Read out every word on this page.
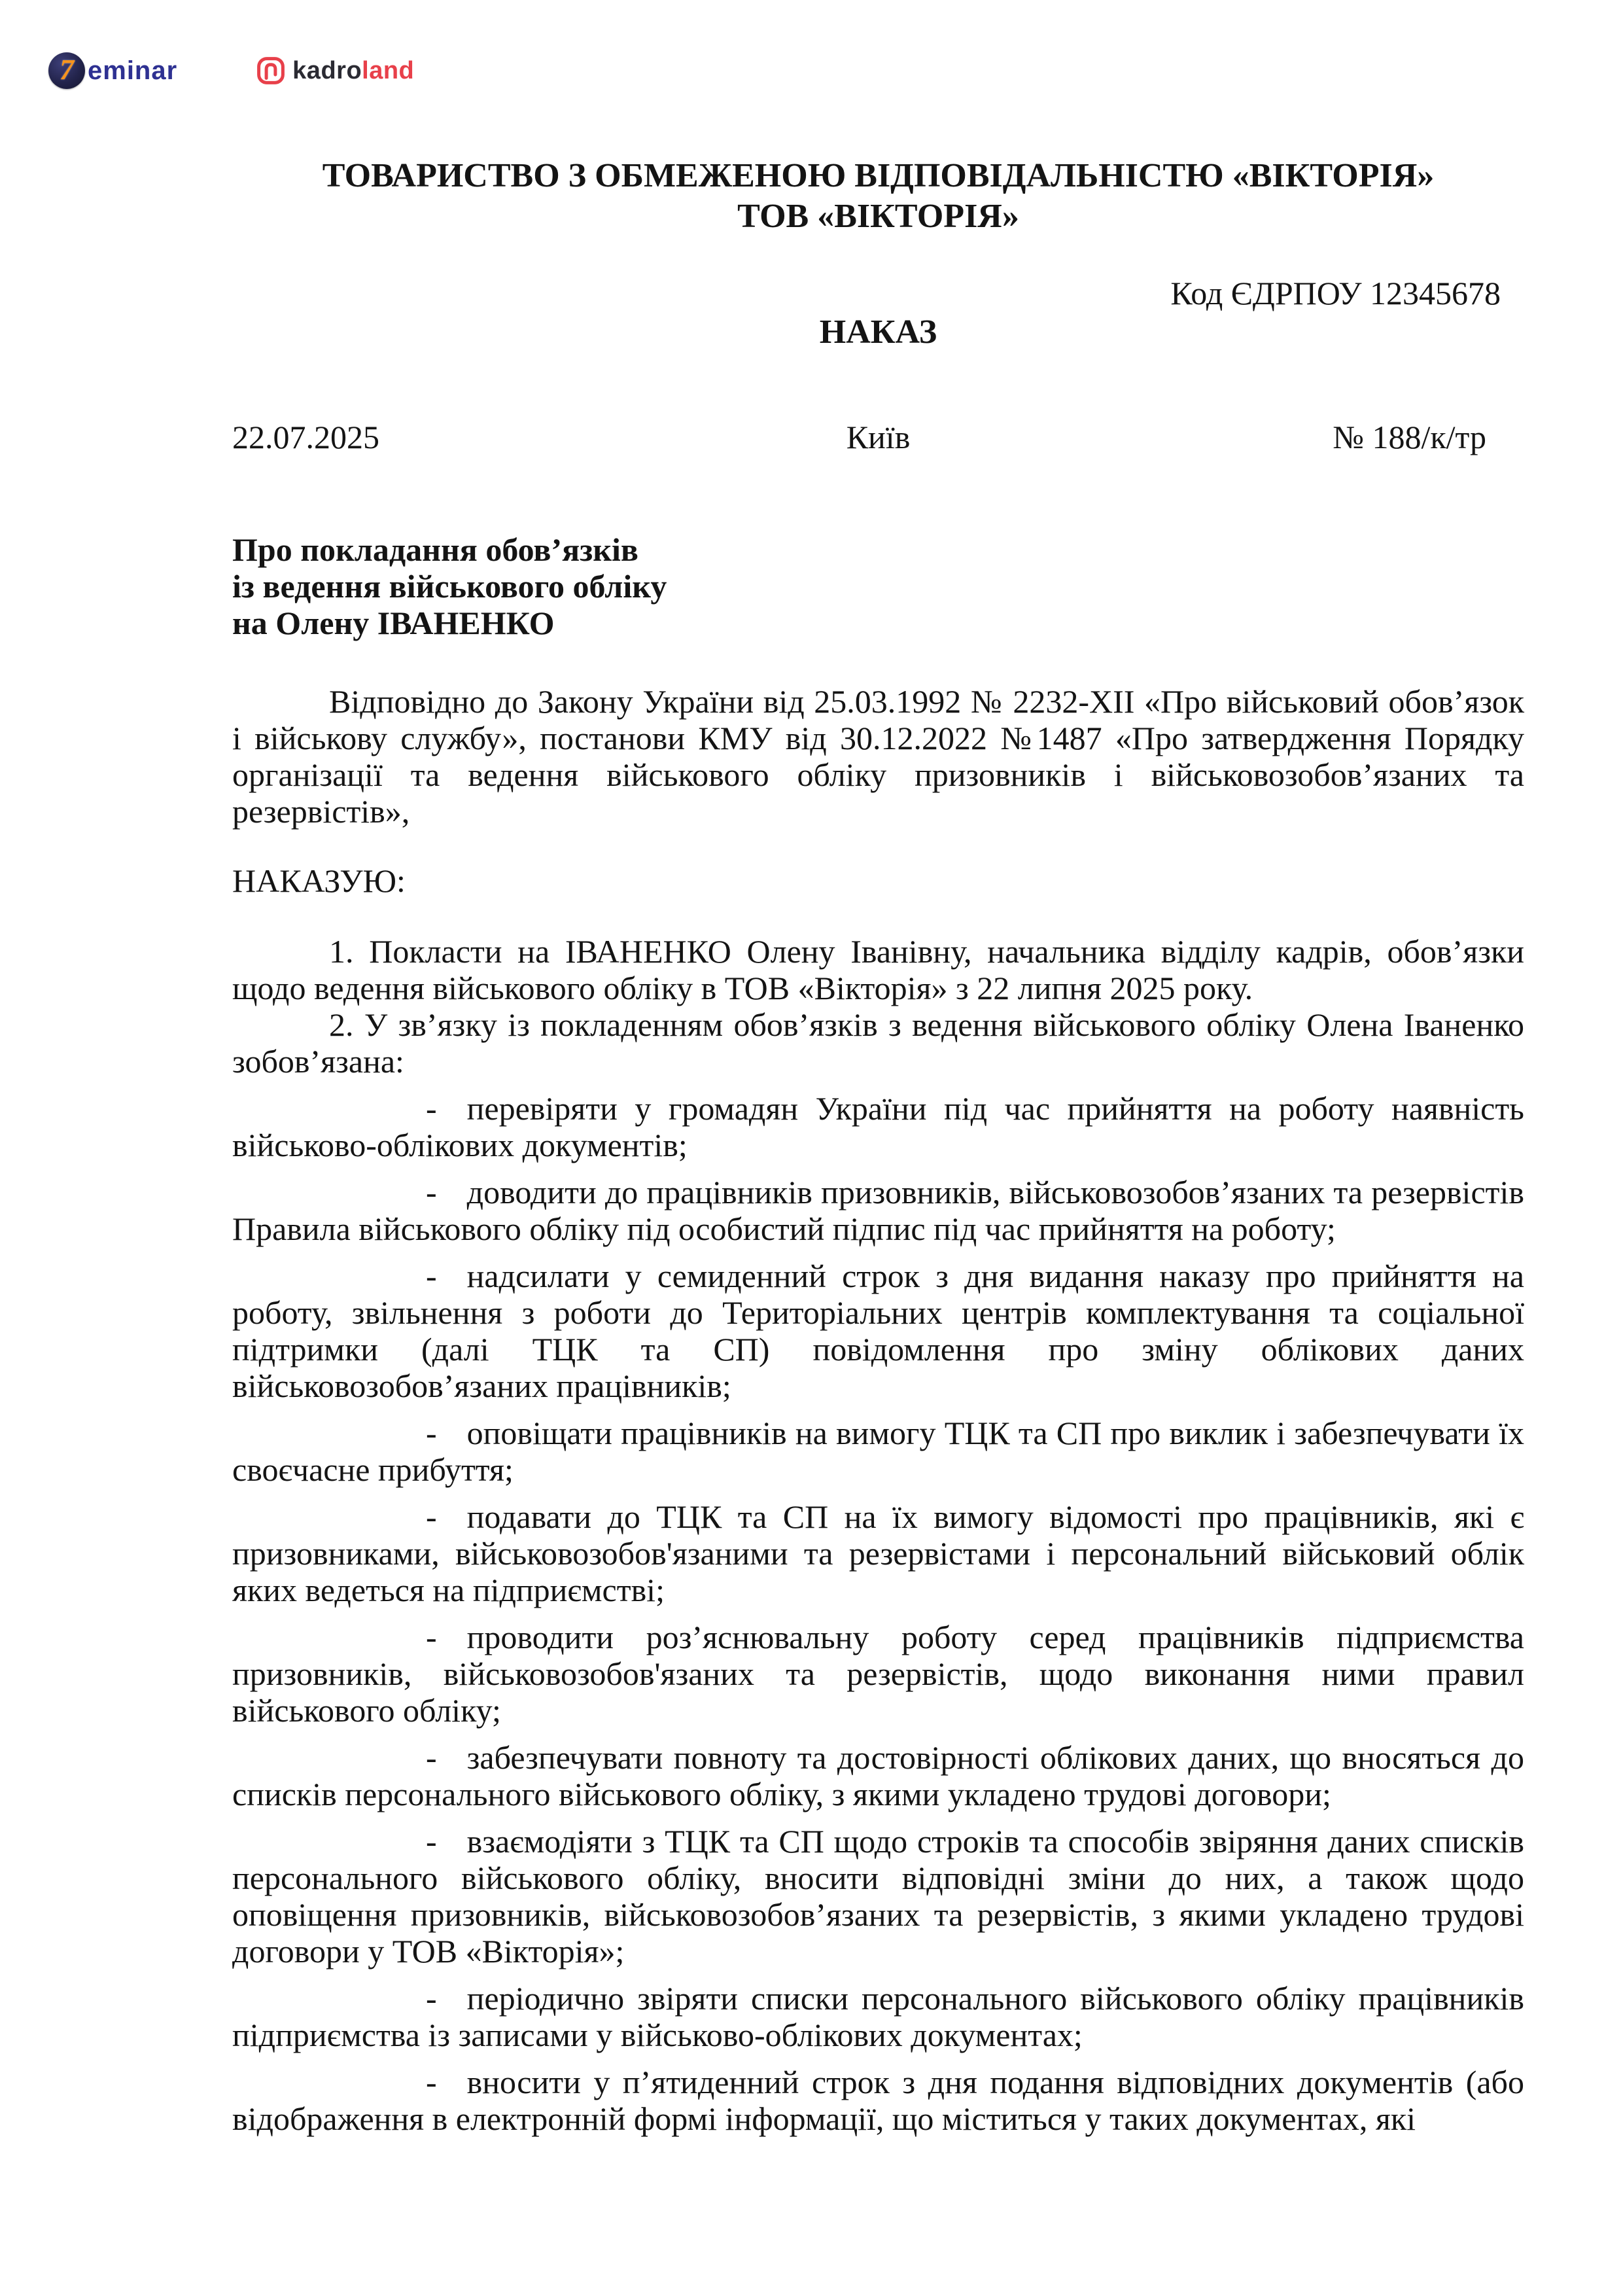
7 eminar	kadroland
ТОВАРИСТВО З ОБМЕЖЕНОЮ ВІДПОВІДАЛЬНІСТЮ «ВІКТОРІЯ»
ТОВ «ВІКТОРІЯ»
Код ЄДРПОУ 12345678
НАКАЗ
22.07.2025	Київ	№ 188/к/тр
Про покладання обов’язків
із ведення військового обліку
на Олену ІВАНЕНКО

Відповідно до Закону України від 25.03.1992 № 2232-XII «Про військовий обов’язок і військову службу», постанови КМУ від 30.12.2022 №1487 «Про затвердження Порядку організації та ведення військового обліку призовників і військовозобов’язаних та резервістів»,

НАКАЗУЮ:

1. Покласти на ІВАНЕНКО Олену Іванівну, начальника відділу кадрів, обов’язки щодо ведення військового обліку в ТОВ «Вікторія» з 22 липня 2025 року.

2. У зв’язку із покладенням обов’язків з ведення військового обліку Олена Іваненко зобов’язана:

- перевіряти у громадян України під час прийняття на роботу наявність військово-облікових документів;

- доводити до працівників призовників, військовозобов’язаних та резервістів Правила військового обліку під особистий підпис під час прийняття на роботу;

- надсилати у семиденний строк з дня видання наказу про прийняття на роботу, звільнення з роботи до Територіальних центрів комплектування та соціальної підтримки (далі ТЦК та СП) повідомлення про зміну облікових даних військовозобов’язаних працівників;

- оповіщати працівників на вимогу ТЦК та СП про виклик і забезпечувати їх своєчасне прибуття;

- подавати до ТЦК та СП на їх вимогу відомості про працівників, які є призовниками, військовозобов'язаними та резервістами і персональний військовий облік яких ведеться на підприємстві;

- проводити роз’яснювальну роботу серед працівників підприємства призовників, військовозобов'язаних та резервістів, щодо виконання ними правил військового обліку;

- забезпечувати повноту та достовірності облікових даних, що вносяться до списків персонального військового обліку, з якими укладено трудові договори;

- взаємодіяти з ТЦК та СП щодо строків та способів звіряння даних списків персонального військового обліку, вносити відповідні зміни до них, а також щодо оповіщення призовників, військовозобов’язаних та резервістів, з якими укладено трудові договори у ТОВ «Вікторія»;

- періодично звіряти списки персонального військового обліку працівників підприємства із записами у військово-облікових документах;

- вносити у п’ятиденний строк з дня подання відповідних документів (або відображення в електронній формі інформації, що міститься у таких документах, які
